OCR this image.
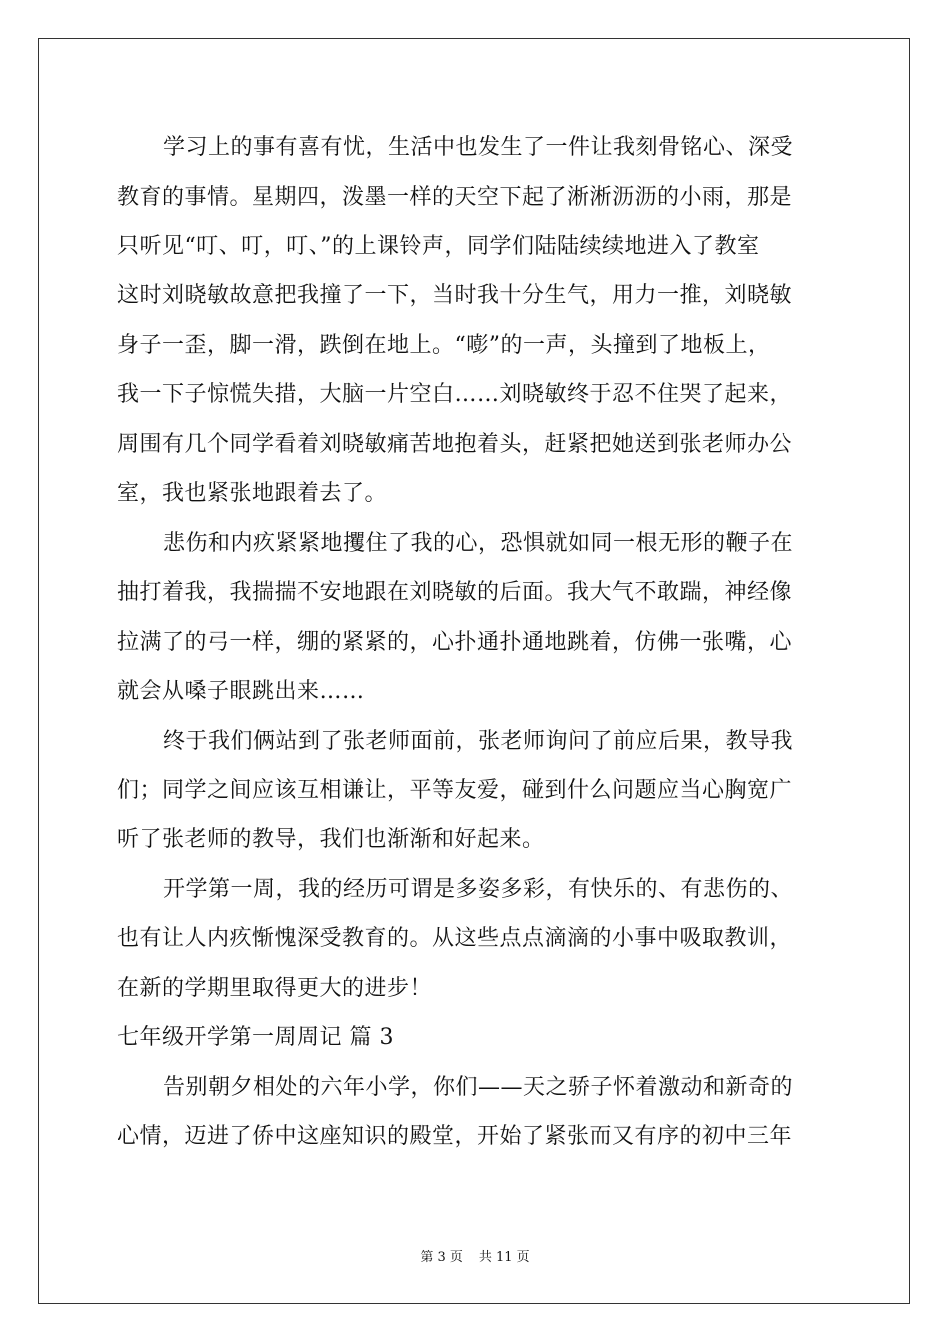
学习上的事有喜有忧，生活中也发生了一件让我刻骨铭心、深受

教育的事情。星期四，泼墨一样的天空下起了淅淅沥沥的小雨，那是

只听见“叮、叮，叮、”的上课铃声，同学们陆陆续续地进入了教室

这时刘晓敏故意把我撞了一下，当时我十分生气，用力一推，刘晓敏

身子一歪，脚一滑，跌倒在地上。“嘭”的一声，头撞到了地板上，

我一下子惊慌失措，大脑一片空白……刘晓敏终于忍不住哭了起来，

周围有几个同学看着刘晓敏痛苦地抱着头，赶紧把她送到张老师办公

室，我也紧张地跟着去了。

悲伤和内疚紧紧地攫住了我的心，恐惧就如同一根无形的鞭子在

抽打着我，我揣揣不安地跟在刘晓敏的后面。我大气不敢踹，神经像

拉满了的弓一样，绷的紧紧的，心扑通扑通地跳着，仿佛一张嘴，心

就会从嗓子眼跳出来……

终于我们俩站到了张老师面前，张老师询问了前应后果，教导我

们；同学之间应该互相谦让，平等友爱，碰到什么问题应当心胸宽广

听了张老师的教导，我们也渐渐和好起来。

开学第一周，我的经历可谓是多姿多彩，有快乐的、有悲伤的、

也有让人内疚惭愧深受教育的。从这些点点滴滴的小事中吸取教训，

在新的学期里取得更大的进步！

七年级开学第一周周记 篇 3

告别朝夕相处的六年小学，你们——天之骄子怀着激动和新奇的

心情，迈进了侨中这座知识的殿堂，开始了紧张而又有序的初中三年

第 3 页 共 11 页
